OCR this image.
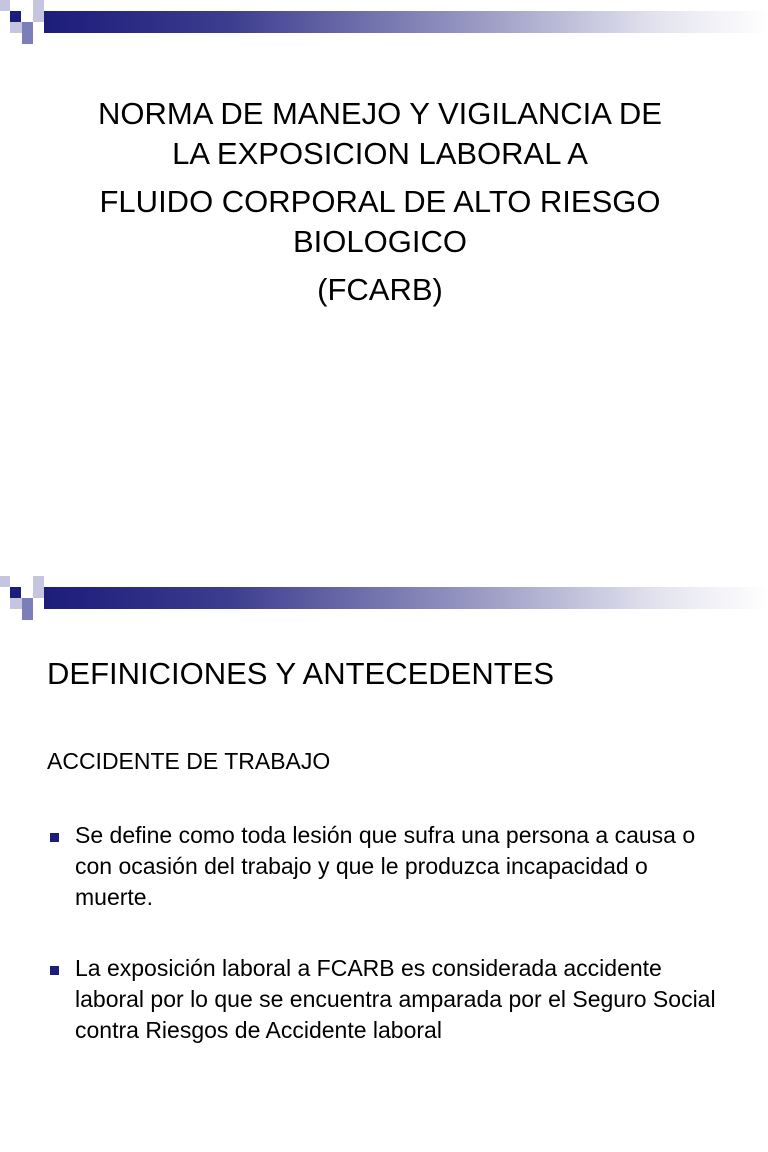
NORMA DE MANEJO Y VIGILANCIA DE
LA EXPOSICION LABORAL A
FLUIDO CORPORAL DE ALTO RIESGO
BIOLOGICO
(FCARB)
DEFINICIONES Y ANTECEDENTES
ACCIDENTE DE TRABAJO
Se define como toda lesión que sufra una persona a causa o con ocasión del trabajo y que le produzca incapacidad o muerte.
La exposición laboral a FCARB es considerada accidente laboral por lo que se encuentra amparada por el Seguro Social contra Riesgos de Accidente laboral
